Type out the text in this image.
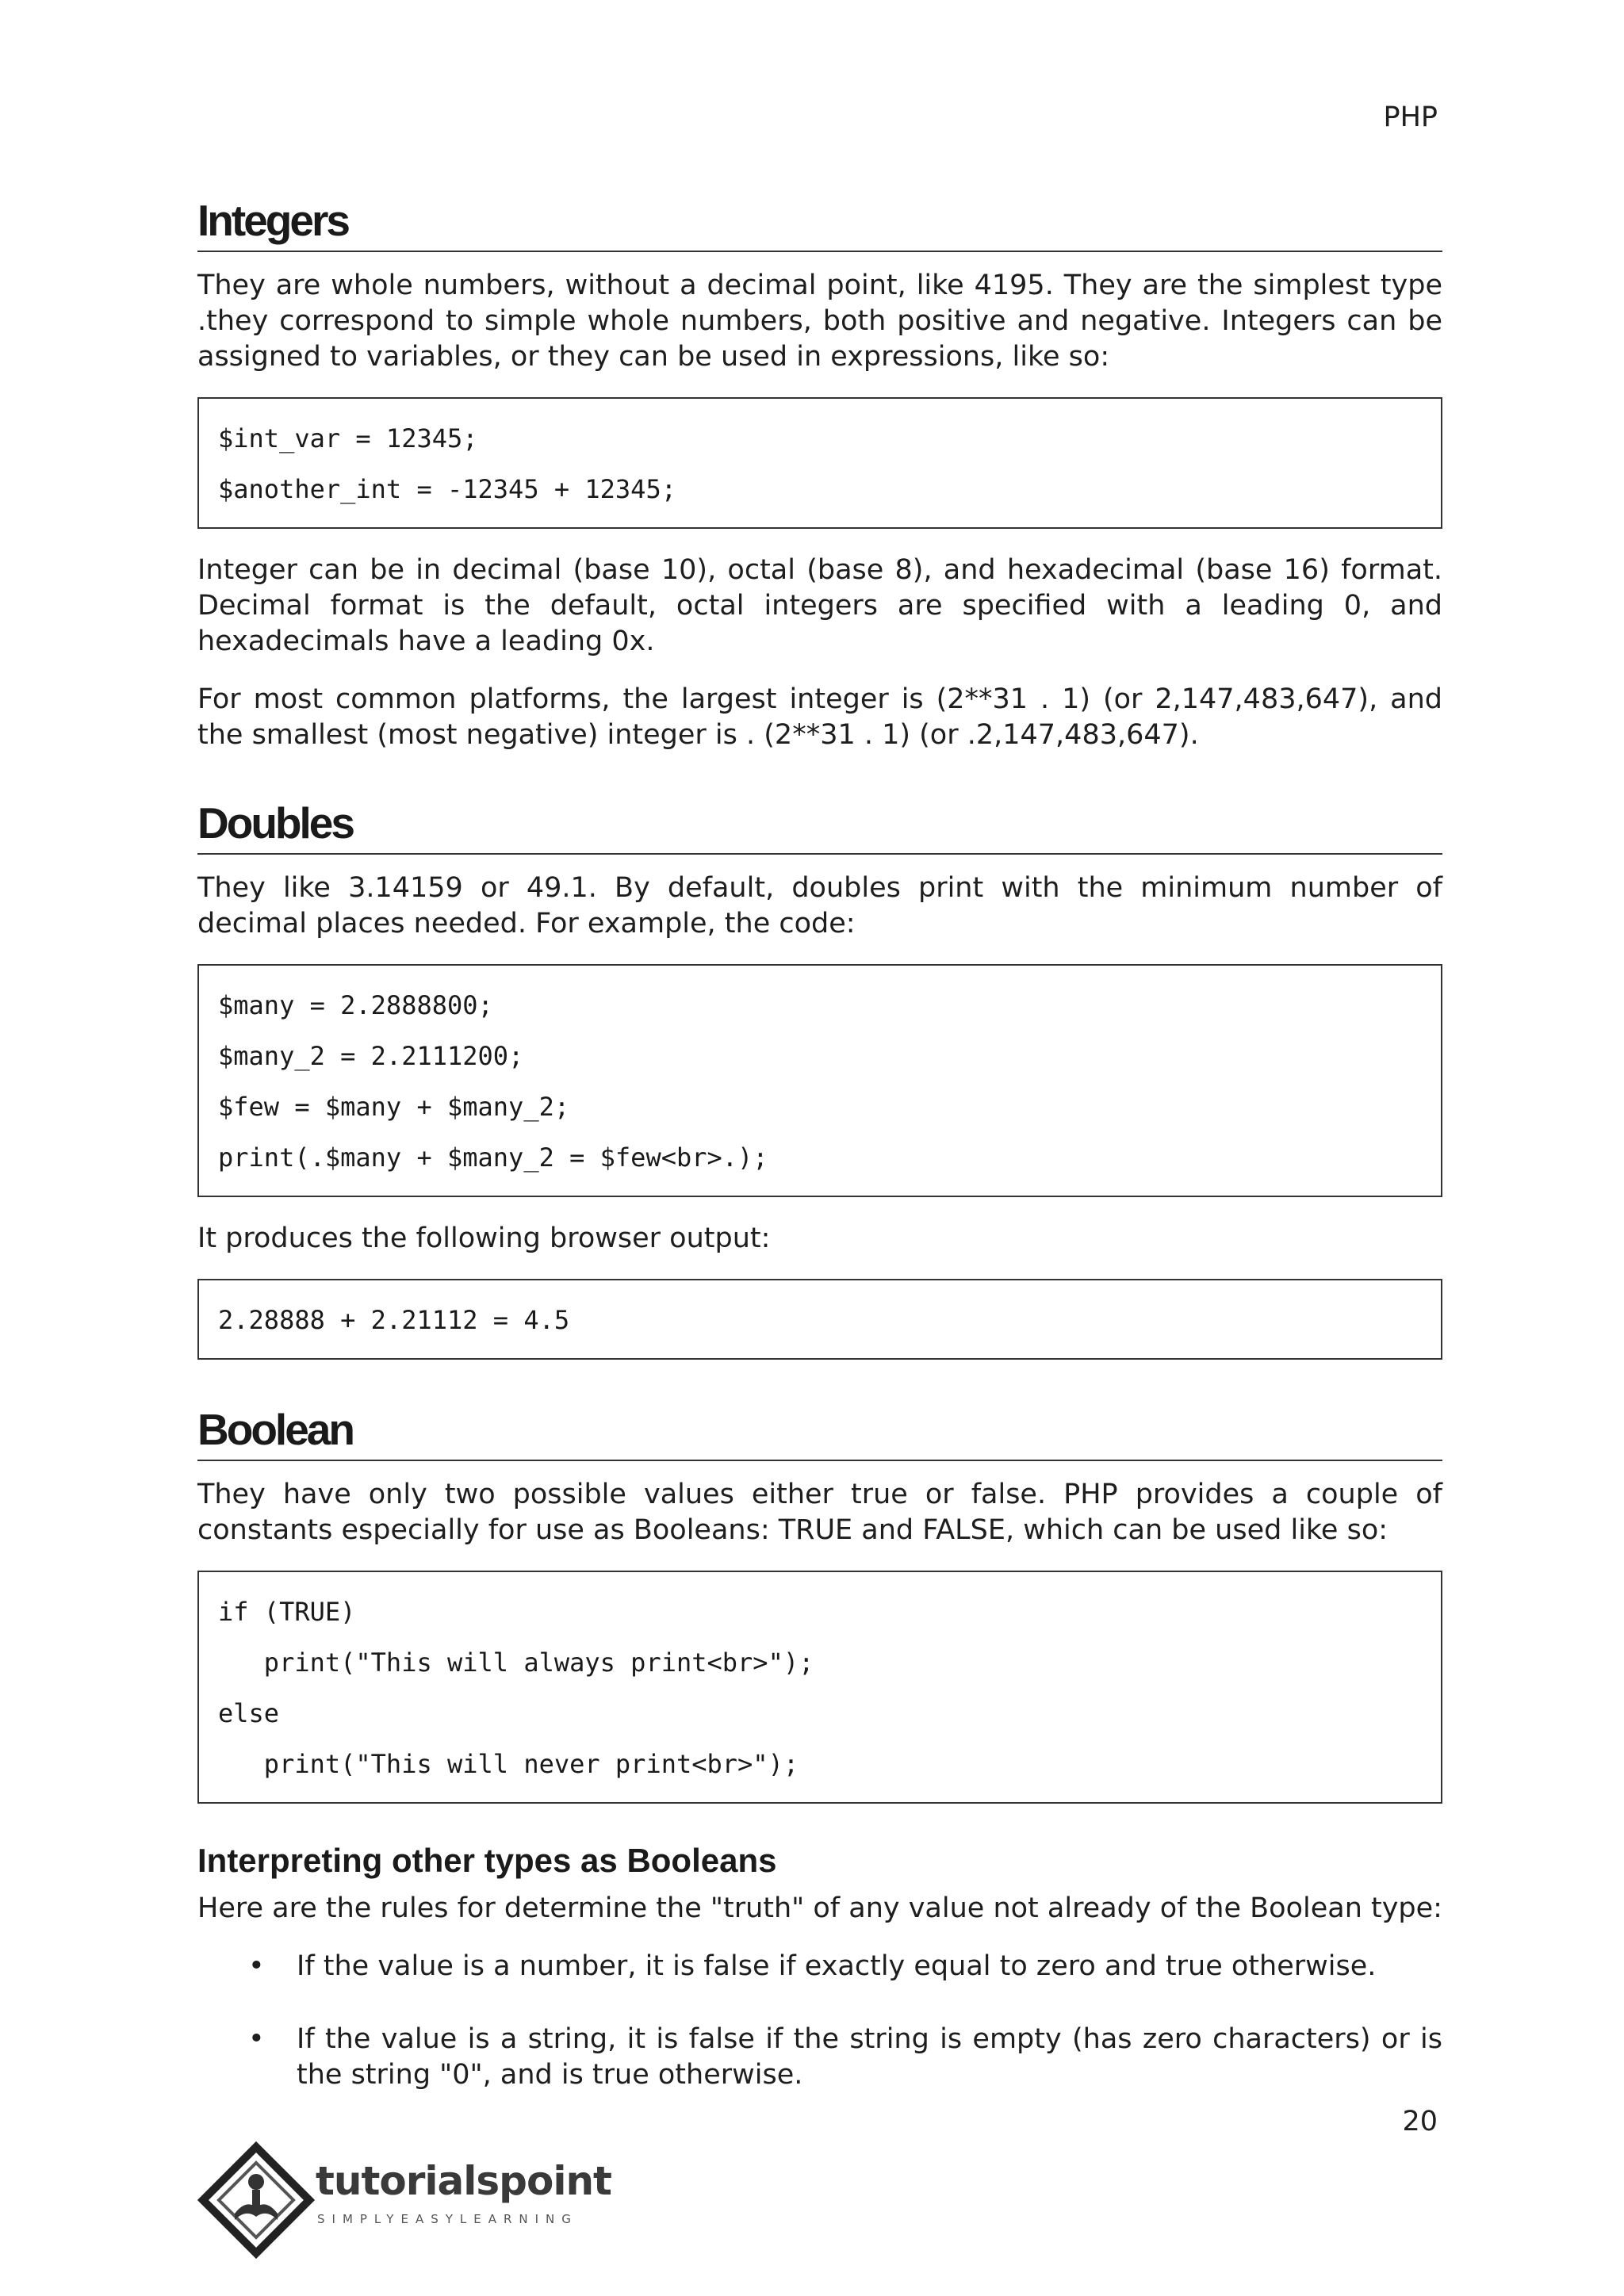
PHP
Integers

They are whole numbers, without a decimal point, like 4195. They are the simplest type .they correspond to simple whole numbers, both positive and negative. Integers can be assigned to variables, or they can be used in expressions, like so:

$int_var = 12345;
$another_int = -12345 + 12345;

Integer can be in decimal (base 10), octal (base 8), and hexadecimal (base 16) format. Decimal format is the default, octal integers are specified with a leading 0, and hexadecimals have a leading 0x.

For most common platforms, the largest integer is (2**31 . 1) (or 2,147,483,647), and the smallest (most negative) integer is . (2**31 . 1) (or .2,147,483,647).

Doubles

They like 3.14159 or 49.1. By default, doubles print with the minimum number of decimal places needed. For example, the code:

$many = 2.2888800;
$many_2 = 2.2111200;
$few = $many + $many_2;
print(.$many + $many_2 = $few<br>.);

It produces the following browser output:

2.28888 + 2.21112 = 4.5
Boolean

They have only two possible values either true or false. PHP provides a couple of constants especially for use as Booleans: TRUE and FALSE, which can be used like so:

if (TRUE)
print("This will always print<br>");
else
print("This will never print<br>");
Interpreting other types as Booleans

Here are the rules for determine the "truth" of any value not already of the Boolean type:

• If the value is a number, it is false if exactly equal to zero and true otherwise.
• If the value is a string, it is false if the string is empty (has zero characters) or is the string "0", and is true otherwise.
20
tutorialspoint
SIMPLYEASYLEARNING
